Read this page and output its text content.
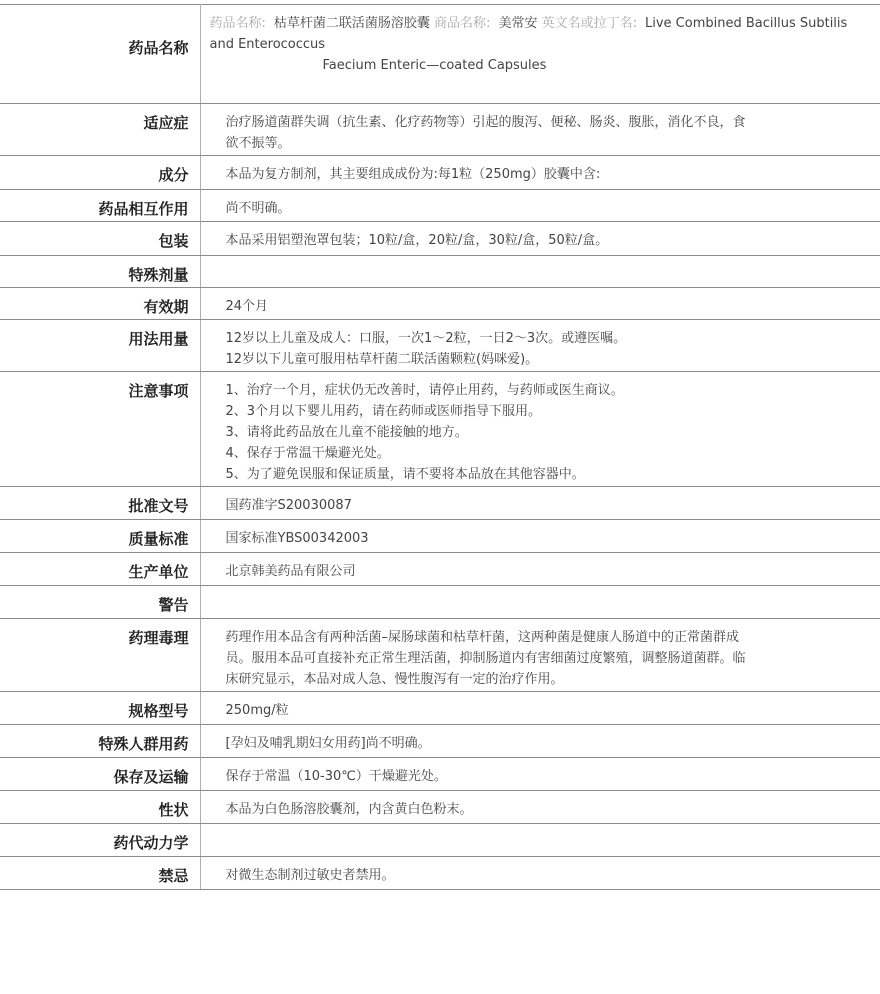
药品名称	药品名称: 枯草杆菌二联活菌肠溶胶囊 商品名称: 美常安 英文名或拉丁名: Live Combined Bacillus Subtilis and Enterococcus
Faecium Enteric—coated Capsules

适应症	治疗肠道菌群失调（抗生素、化疗药物等）引起的腹泻、便秘、肠炎、腹胀，消化不良，食
欲不振等。

成分	本品为复方制剂，其主要组成成份为:每1粒（250mg）胶囊中含:

药品相互作用	尚不明确。

包装	本品采用铝塑泡罩包装；10粒/盒，20粒/盒，30粒/盒，50粒/盒。

特殊剂量	

有效期	24个月

用法用量	12岁以上儿童及成人：口服，一次1～2粒，一日2～3次。或遵医嘱。
12岁以下儿童可服用枯草杆菌二联活菌颗粒(妈咪爱)。

注意事项	1、治疗一个月，症状仍无改善时，请停止用药，与药师或医生商议。
2、3个月以下婴儿用药，请在药师或医师指导下服用。
3、请将此药品放在儿童不能接触的地方。
4、保存于常温干燥避光处。
5、为了避免误服和保证质量，请不要将本品放在其他容器中。

批准文号	国药准字S20030087

质量标准	国家标准YBS00342003

生产单位	北京韩美药品有限公司

警告	

药理毒理	药理作用本品含有两种活菌–屎肠球菌和枯草杆菌，这两种菌是健康人肠道中的正常菌群成
员。服用本品可直接补充正常生理活菌，抑制肠道内有害细菌过度繁殖，调整肠道菌群。临
床研究显示，本品对成人急、慢性腹泻有一定的治疗作用。

规格型号	250mg/粒

特殊人群用药	[孕妇及哺乳期妇女用药]尚不明确。

保存及运输	保存于常温（10-30℃）干燥避光处。

性状	本品为白色肠溶胶囊剂，内含黄白色粉末。

药代动力学	

禁忌	对微生态制剂过敏史者禁用。
